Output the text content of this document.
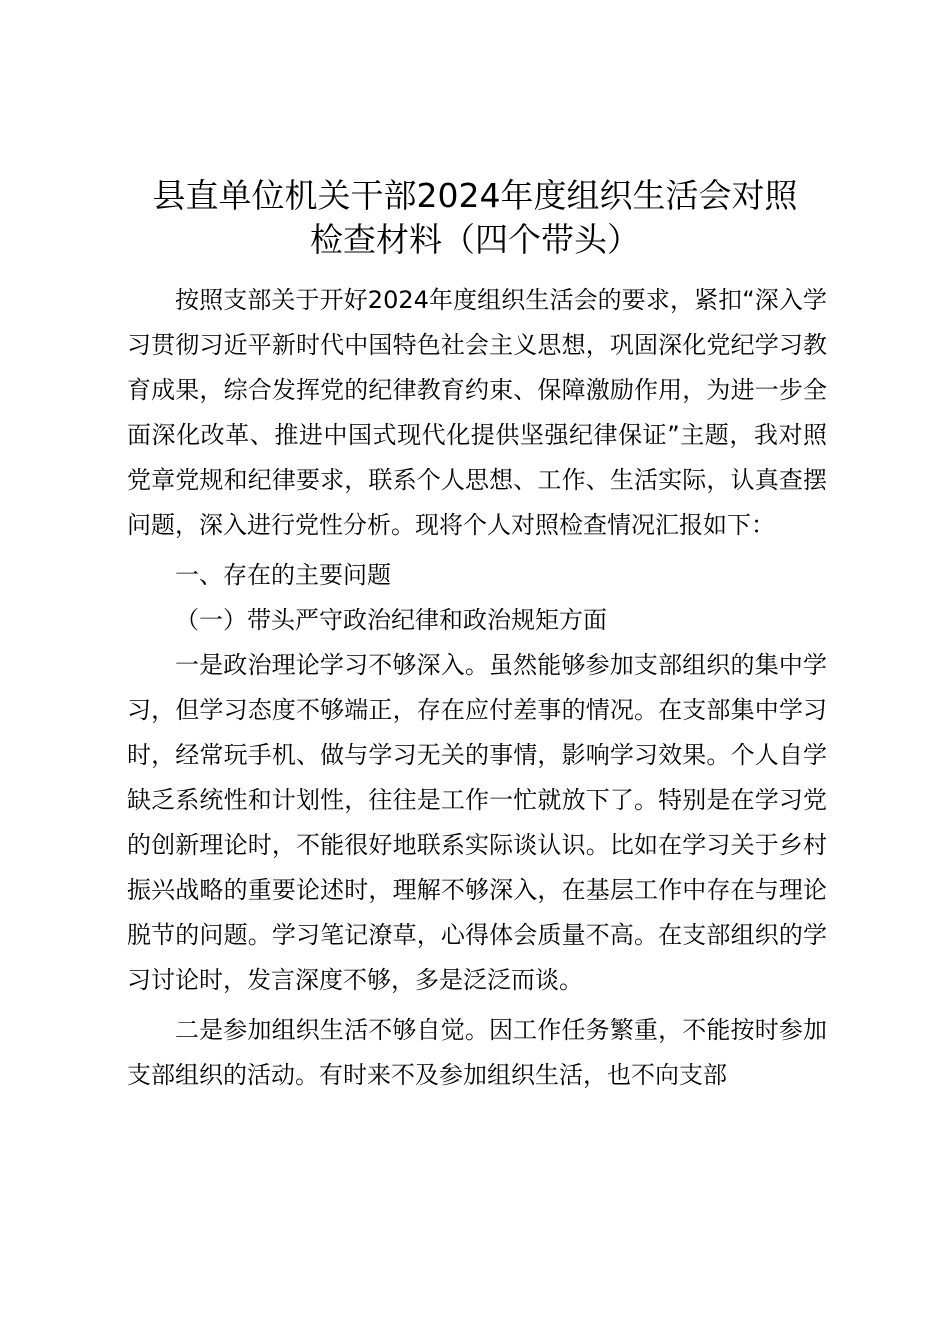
县直单位机关干部2024年度组织生活会对照
检查材料（四个带头）

按照支部关于开好2024年度组织生活会的要求，紧扣“深入学习贯彻习近平新时代中国特色社会主义思想，巩固深化党纪学习教育成果，综合发挥党的纪律教育约束、保障激励作用，为进一步全面深化改革、推进中国式现代化提供坚强纪律保证”主题，我对照党章党规和纪律要求，联系个人思想、工作、生活实际，认真查摆问题，深入进行党性分析。现将个人对照检查情况汇报如下：

一、存在的主要问题

（一）带头严守政治纪律和政治规矩方面

一是政治理论学习不够深入。虽然能够参加支部组织的集中学习，但学习态度不够端正，存在应付差事的情况。在支部集中学习时，经常玩手机、做与学习无关的事情，影响学习效果。个人自学缺乏系统性和计划性，往往是工作一忙就放下了。特别是在学习党的创新理论时，不能很好地联系实际谈认识。比如在学习关于乡村振兴战略的重要论述时，理解不够深入，在基层工作中存在与理论脱节的问题。学习笔记潦草，心得体会质量不高。在支部组织的学习讨论时，发言深度不够，多是泛泛而谈。

二是参加组织生活不够自觉。因工作任务繁重，不能按时参加支部组织的活动。有时来不及参加组织生活，也不向支部
